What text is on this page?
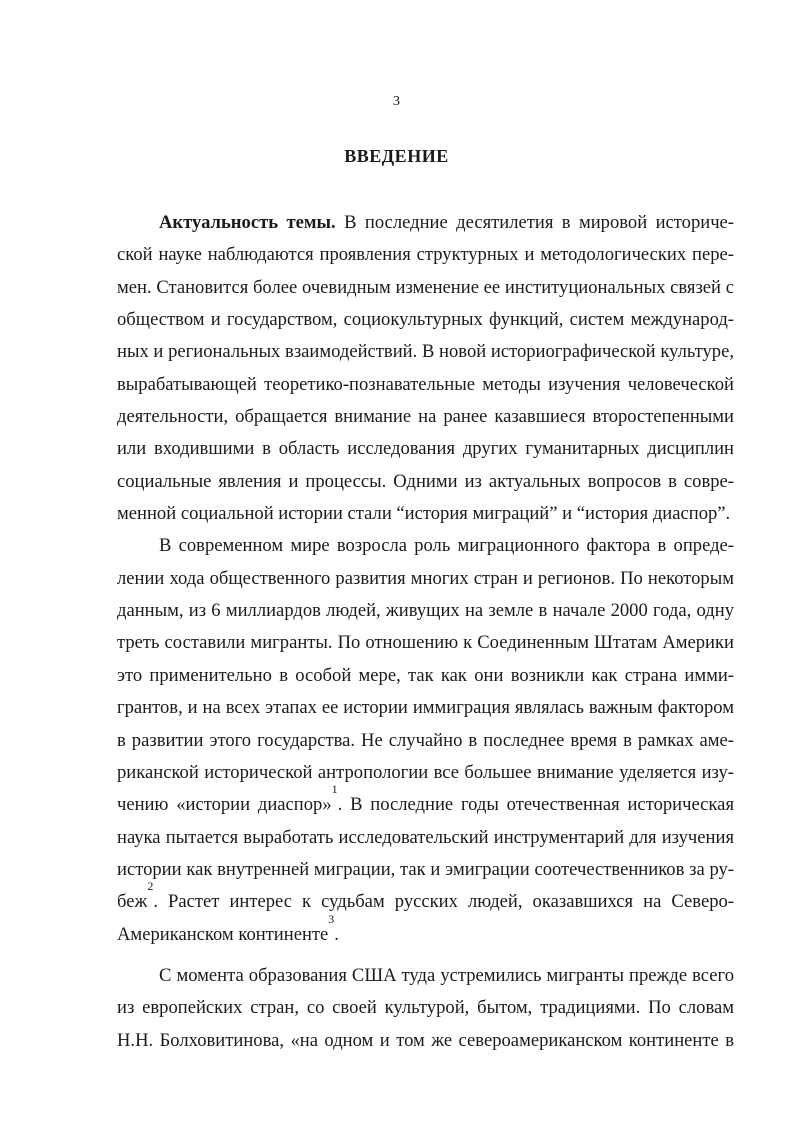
3
ВВЕДЕНИЕ
Актуальность темы. В последние десятилетия в мировой историче-
ской науке наблюдаются проявления структурных и методологических пере-
мен. Становится более очевидным изменение ее институциональных связей с
обществом и государством, социокультурных функций, систем международ-
ных и региональных взаимодействий. В новой историографической культуре,
вырабатывающей теоретико-познавательные методы изучения человеческой
деятельности, обращается внимание на ранее казавшиеся второстепенными
или входившими в область исследования других гуманитарных дисциплин
социальные явления и процессы. Одними из актуальных вопросов в совре-
менной социальной истории стали “история миграций” и “история диаспор”.
В современном мире возросла роль миграционного фактора в опреде-
лении хода общественного развития многих стран и регионов. По некоторым
данным, из 6 миллиардов людей, живущих на земле в начале 2000 года, одну
треть составили мигранты. По отношению к Соединенным Штатам Америки
это применительно в особой мере, так как они возникли как страна имми-
грантов, и на всех этапах ее истории иммиграция являлась важным фактором
в развитии этого государства. Не случайно в последнее время в рамках аме-
риканской исторической антропологии все большее внимание уделяется изу-
чению «истории диаспор»$^1$. В последние годы отечественная историческая
наука пытается выработать исследовательский инструментарий для изучения
истории как внутренней миграции, так и эмиграции соотечественников за ру-
беж$^2$. Растет интерес к судьбам русских людей, оказавшихся на Северо-
Американском континенте$^3$.
С момента образования США туда устремились мигранты прежде всего
из европейских стран, со своей культурой, бытом, традициями. По словам
Н.Н. Болховитинова, «на одном и том же североамериканском континенте в
